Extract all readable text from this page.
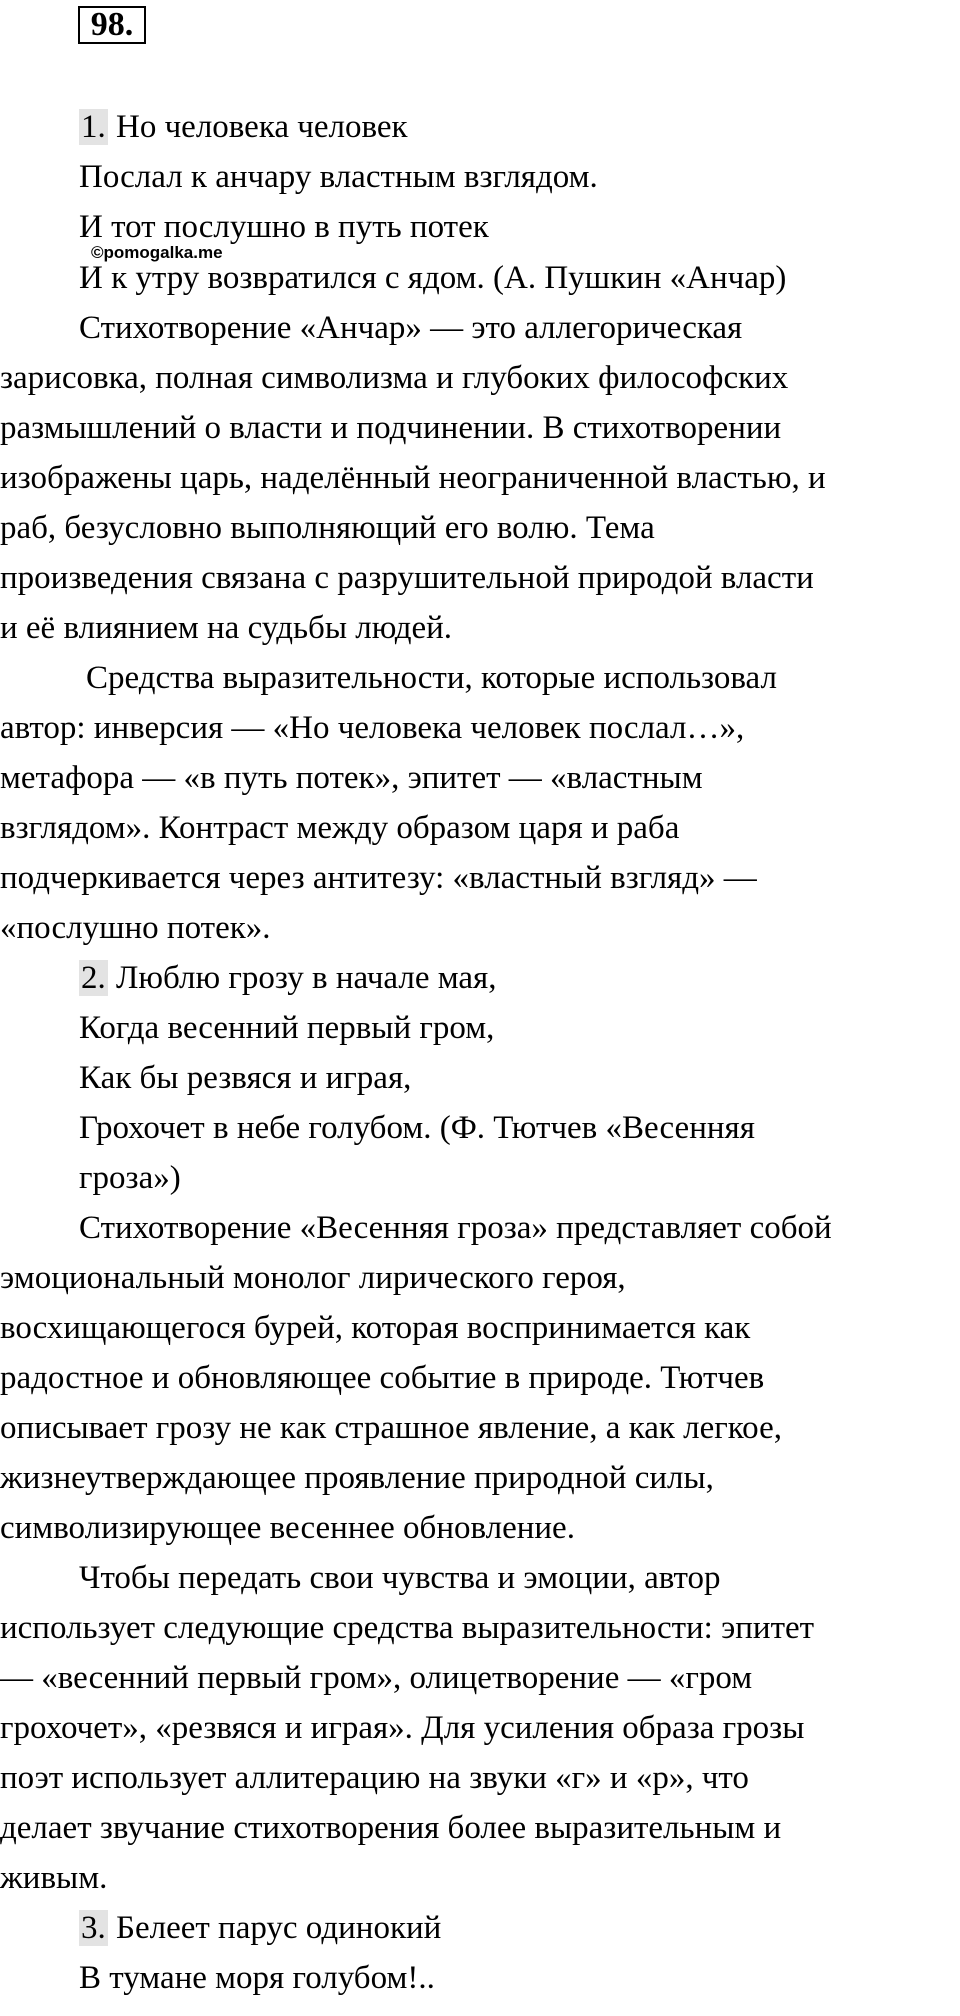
98.
1. Но человека человек
Послал к анчару властным взглядом.
И тот послушно в путь потек
©pomogalka.me
И к утру возвратился с ядом. (А. Пушкин «Анчар)
Стихотворение «Анчар» — это аллегорическая
зарисовка, полная символизма и глубоких философских
размышлений о власти и подчинении. В стихотворении
изображены царь, наделённый неограниченной властью, и
раб, безусловно выполняющий его волю. Тема
произведения связана с разрушительной природой власти
и её влиянием на судьбы людей.
Средства выразительности, которые использовал
автор: инверсия — «Но человека человек послал…»,
метафора — «в путь потек», эпитет — «властным
взглядом». Контраст между образом царя и раба
подчеркивается через антитезу: «властный взгляд» —
«послушно потек».
2. Люблю грозу в начале мая,
Когда весенний первый гром,
Как бы резвяся и играя,
Грохочет в небе голубом. (Ф. Тютчев «Весенняя
гроза»)
Стихотворение «Весенняя гроза» представляет собой
эмоциональный монолог лирического героя,
восхищающегося бурей, которая воспринимается как
радостное и обновляющее событие в природе. Тютчев
описывает грозу не как страшное явление, а как легкое,
жизнеутверждающее проявление природной силы,
символизирующее весеннее обновление.
Чтобы передать свои чувства и эмоции, автор
использует следующие средства выразительности: эпитет
— «весенний первый гром», олицетворение — «гром
грохочет», «резвяся и играя». Для усиления образа грозы
поэт использует аллитерацию на звуки «г» и «р», что
делает звучание стихотворения более выразительным и
живым.
3. Белеет парус одинокий
В тумане моря голубом!..
